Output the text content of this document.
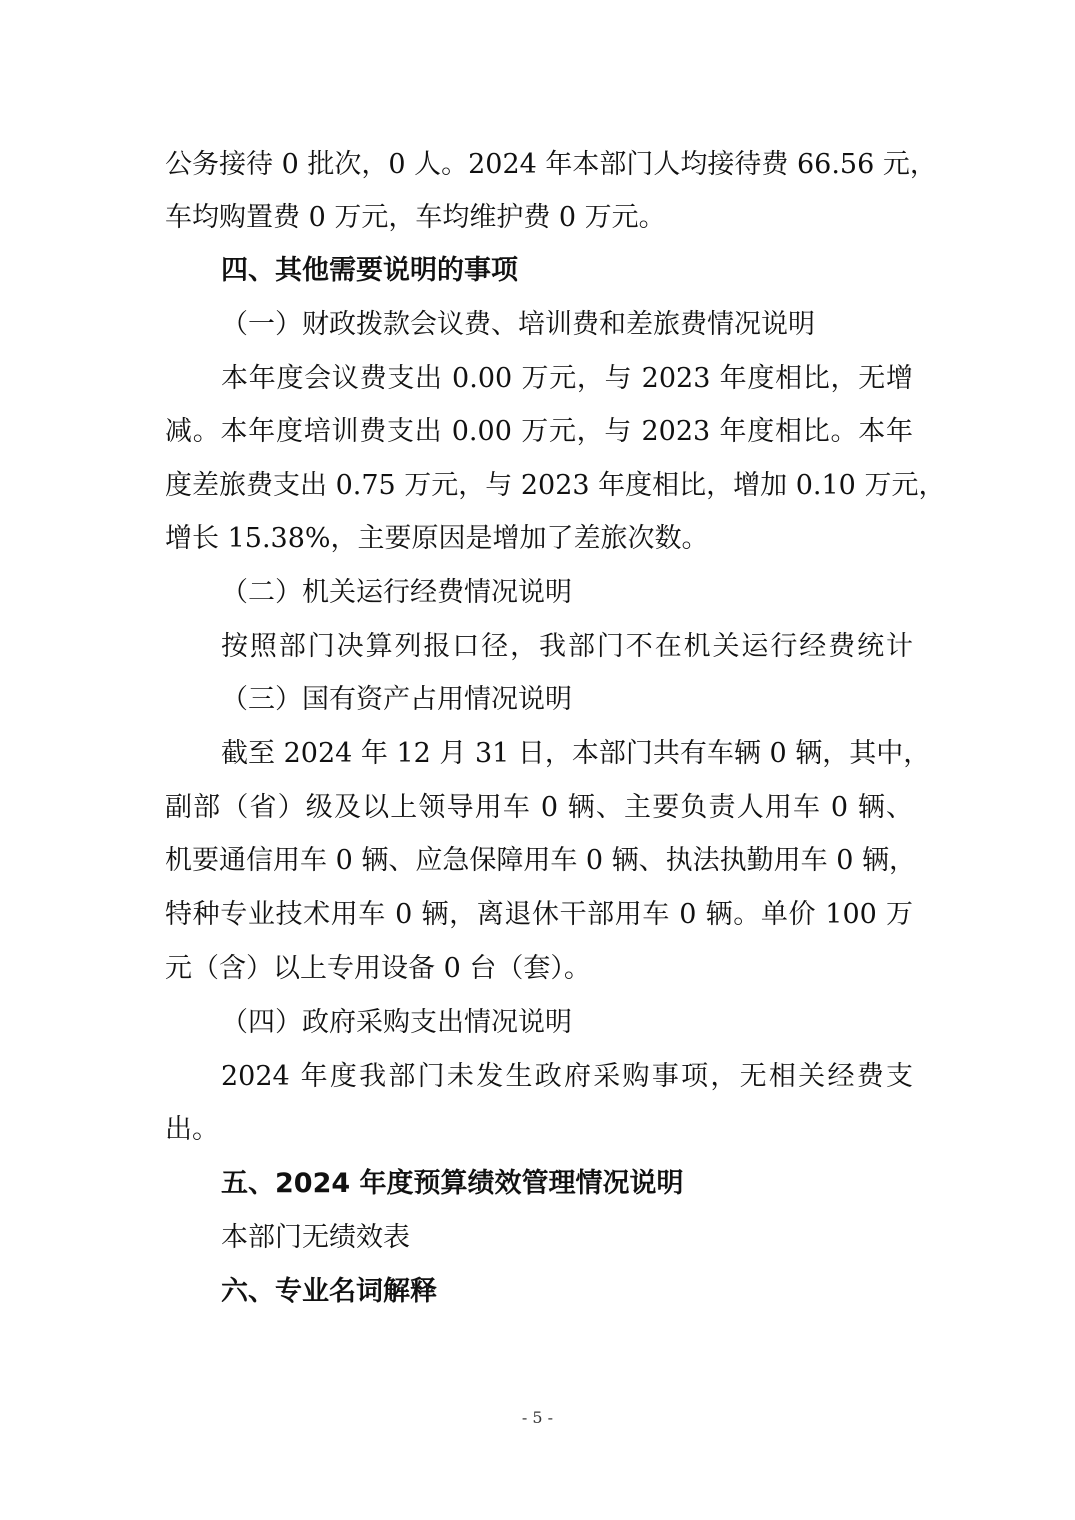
公务接待 0 批次，0 人。2024 年本部门人均接待费 66.56 元，
车均购置费 0 万元，车均维护费 0 万元。
四、其他需要说明的事项
（一）财政拨款会议费、培训费和差旅费情况说明
本年度会议费支出 0.00 万元，与 2023 年度相比，无增
减。本年度培训费支出 0.00 万元，与 2023 年度相比。本年
度差旅费支出 0.75 万元，与 2023 年度相比，增加 0.10 万元，
增长 15.38%，主要原因是增加了差旅次数。
（二）机关运行经费情况说明
按照部门决算列报口径，我部门不在机关运行经费统计
（三）国有资产占用情况说明
截至 2024 年 12 月 31 日，本部门共有车辆 0 辆，其中，
副部（省）级及以上领导用车 0 辆、主要负责人用车 0 辆、
机要通信用车 0 辆、应急保障用车 0 辆、执法执勤用车 0 辆，
特种专业技术用车 0 辆，离退休干部用车 0 辆。单价 100 万
元（含）以上专用设备 0 台（套）。
（四）政府采购支出情况说明
2024 年度我部门未发生政府采购事项，无相关经费支
出。
五、2024 年度预算绩效管理情况说明
本部门无绩效表
六、专业名词解释
- 5 -
